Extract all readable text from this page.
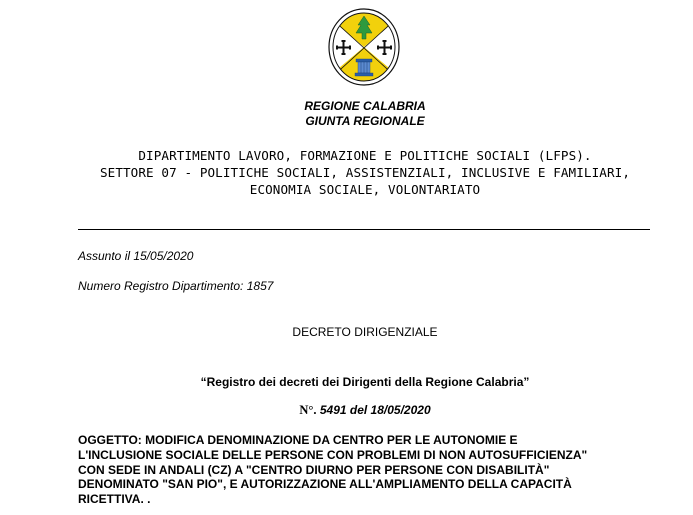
REGIONE CALABRIA
GIUNTA REGIONALE
DIPARTIMENTO LAVORO, FORMAZIONE E POLITICHE SOCIALI (LFPS).
SETTORE 07 - POLITICHE SOCIALI, ASSISTENZIALI, INCLUSIVE E FAMILIARI,
ECONOMIA SOCIALE, VOLONTARIATO
Assunto il 15/05/2020
Numero Registro Dipartimento: 1857
DECRETO DIRIGENZIALE
“Registro dei decreti dei Dirigenti della Regione Calabria”
N°. 5491 del 18/05/2020
OGGETTO: MODIFICA DENOMINAZIONE DA CENTRO PER LE AUTONOMIE E
L'INCLUSIONE SOCIALE DELLE PERSONE CON PROBLEMI DI NON AUTOSUFFICIENZA"
CON SEDE IN ANDALI (CZ) A "CENTRO DIURNO PER PERSONE CON DISABILITÀ"
DENOMINATO "SAN PIO", E AUTORIZZAZIONE ALL'AMPLIAMENTO DELLA CAPACITÀ
RICETTIVA. .
